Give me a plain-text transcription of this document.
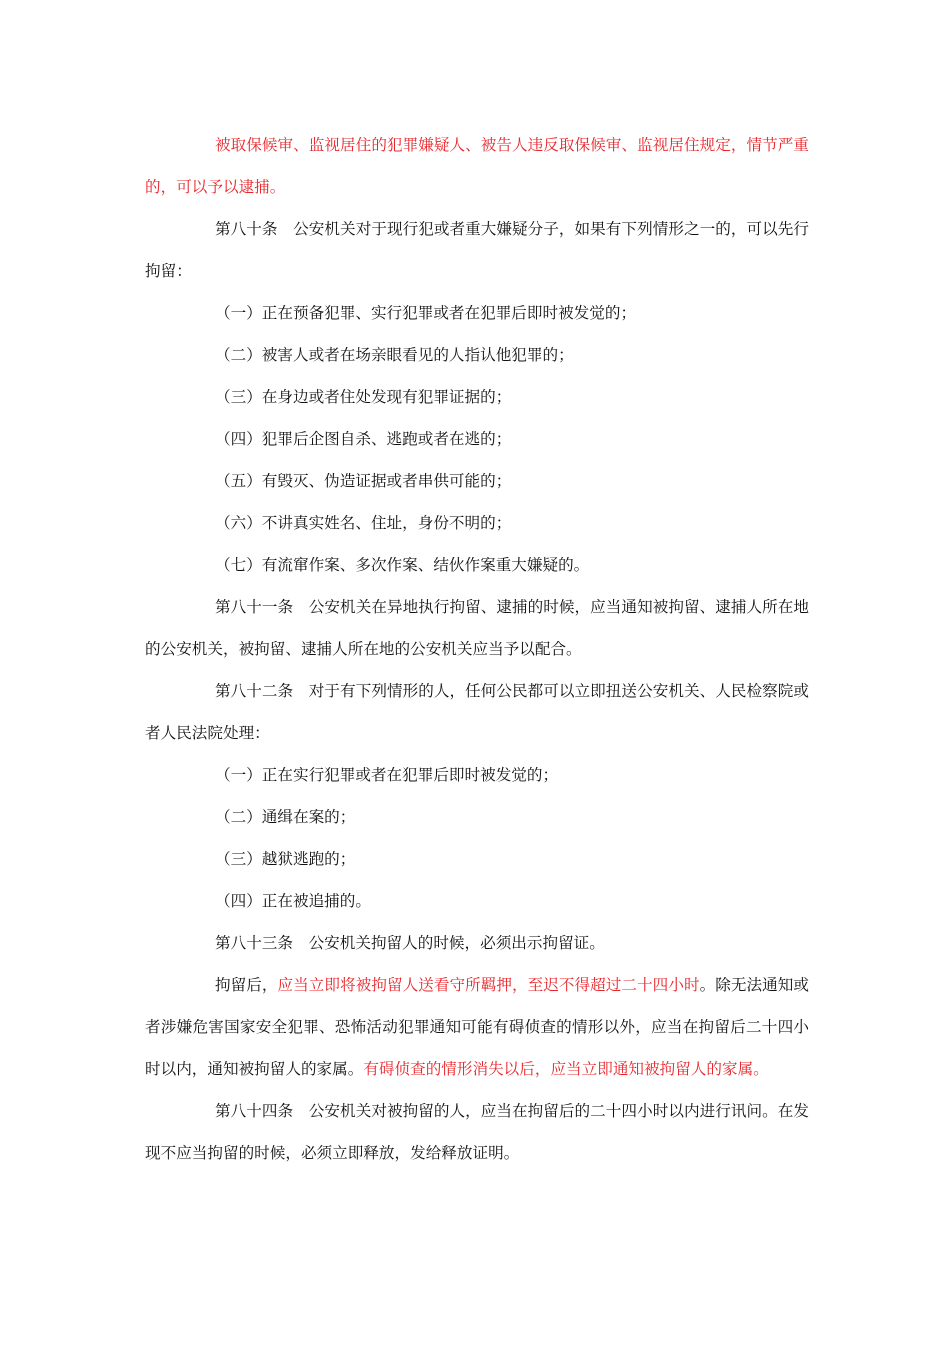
被取保候审、监视居住的犯罪嫌疑人、被告人违反取保候审、监视居住规定，情节严重的，可以予以逮捕。

第八十条　公安机关对于现行犯或者重大嫌疑分子，如果有下列情形之一的，可以先行拘留：

（一）正在预备犯罪、实行犯罪或者在犯罪后即时被发觉的；

（二）被害人或者在场亲眼看见的人指认他犯罪的；

（三）在身边或者住处发现有犯罪证据的；

（四）犯罪后企图自杀、逃跑或者在逃的；

（五）有毁灭、伪造证据或者串供可能的；

（六）不讲真实姓名、住址，身份不明的；

（七）有流窜作案、多次作案、结伙作案重大嫌疑的。

第八十一条　公安机关在异地执行拘留、逮捕的时候，应当通知被拘留、逮捕人所在地的公安机关，被拘留、逮捕人所在地的公安机关应当予以配合。

第八十二条　对于有下列情形的人，任何公民都可以立即扭送公安机关、人民检察院或者人民法院处理：

（一）正在实行犯罪或者在犯罪后即时被发觉的；

（二）通缉在案的；

（三）越狱逃跑的；

（四）正在被追捕的。

第八十三条　公安机关拘留人的时候，必须出示拘留证。

拘留后，应当立即将被拘留人送看守所羁押，至迟不得超过二十四小时。除无法通知或者涉嫌危害国家安全犯罪、恐怖活动犯罪通知可能有碍侦查的情形以外，应当在拘留后二十四小时以内，通知被拘留人的家属。有碍侦查的情形消失以后，应当立即通知被拘留人的家属。

第八十四条　公安机关对被拘留的人，应当在拘留后的二十四小时以内进行讯问。在发现不应当拘留的时候，必须立即释放，发给释放证明。
